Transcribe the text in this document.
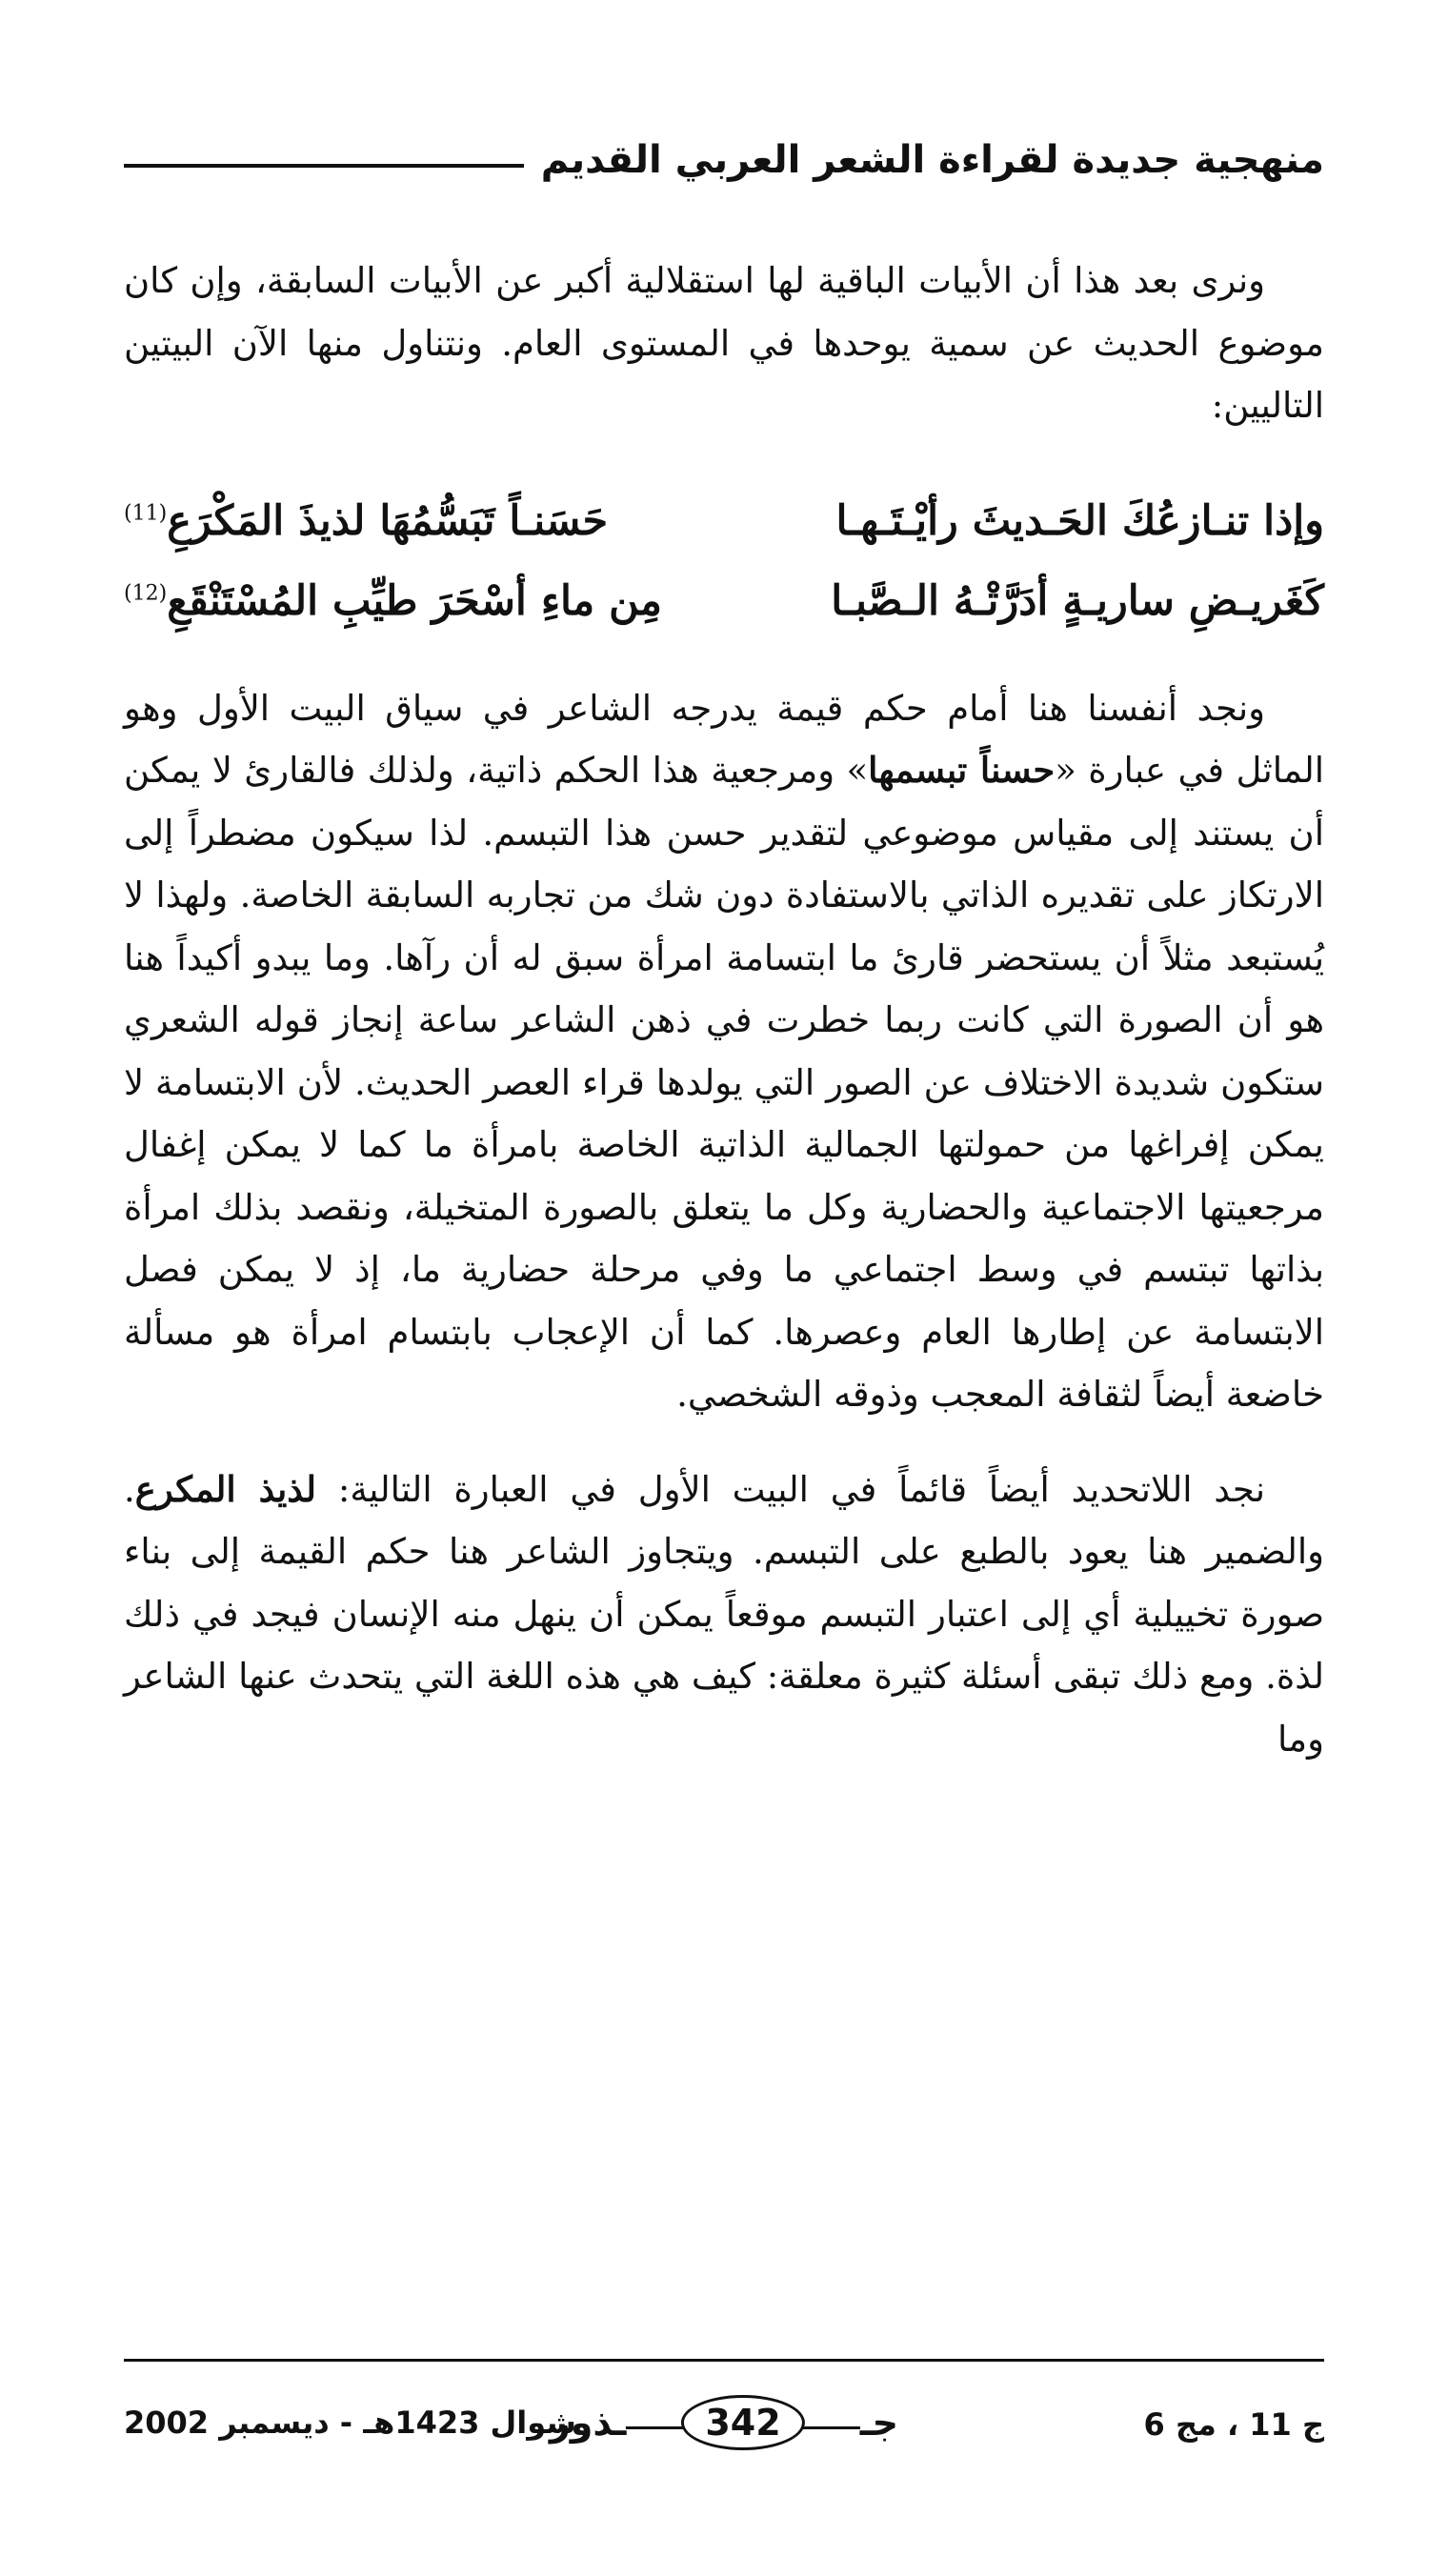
منهجية جديدة لقراءة الشعر العربي القديم

ونرى بعد هذا أن الأبيات الباقية لها استقلالية أكبر عن الأبيات السابقة، وإن كان موضوع الحديث عن سمية يوحدها في المستوى العام. ونتناول منها الآن البيتين التاليين:

وإذا تنـازعُكَ الحَـديثَ رأيْـتَـهـا
حَسَنـاً تَبَسُّمُهَا لذيذَ المَكْرَعِ$^{(11)}$
كَغَريـضِ ساريـةٍ أدَرَّتْـهُ الـصَّبـا
مِن ماءِ أسْحَرَ طيِّبِ المُسْتَنْقَعِ$^{(12)}$

ونجد أنفسنا هنا أمام حكم قيمة يدرجه الشاعر في سياق البيت الأول وهو الماثل في عبارة «حسناً تبسمها» ومرجعية هذا الحكم ذاتية، ولذلك فالقارئ لا يمكن أن يستند إلى مقياس موضوعي لتقدير حسن هذا التبسم. لذا سيكون مضطراً إلى الارتكاز على تقديره الذاتي بالاستفادة دون شك من تجاربه السابقة الخاصة. ولهذا لا يُستبعد مثلاً أن يستحضر قارئ ما ابتسامة امرأة سبق له أن رآها. وما يبدو أكيداً هنا هو أن الصورة التي كانت ربما خطرت في ذهن الشاعر ساعة إنجاز قوله الشعري ستكون شديدة الاختلاف عن الصور التي يولدها قراء العصر الحديث. لأن الابتسامة لا يمكن إفراغها من حمولتها الجمالية الذاتية الخاصة بامرأة ما كما لا يمكن إغفال مرجعيتها الاجتماعية والحضارية وكل ما يتعلق بالصورة المتخيلة، ونقصد بذلك امرأة بذاتها تبتسم في وسط اجتماعي ما وفي مرحلة حضارية ما، إذ لا يمكن فصل الابتسامة عن إطارها العام وعصرها. كما أن الإعجاب بابتسام امرأة هو مسألة خاضعة أيضاً لثقافة المعجب وذوقه الشخصي.

نجد اللاتحديد أيضاً قائماً في البيت الأول في العبارة التالية: لذيذ المكرع. والضمير هنا يعود بالطبع على التبسم. ويتجاوز الشاعر هنا حكم القيمة إلى بناء صورة تخييلية أي إلى اعتبار التبسم موقعاً يمكن أن ينهل منه الإنسان فيجد في ذلك لذة. ومع ذلك تبقى أسئلة كثيرة معلقة: كيف هي هذه اللغة التي يتحدث عنها الشاعر وما

ج 11 ، مج 6
جـ
342
ـذور
شوال 1423هـ - ديسمبر 2002
